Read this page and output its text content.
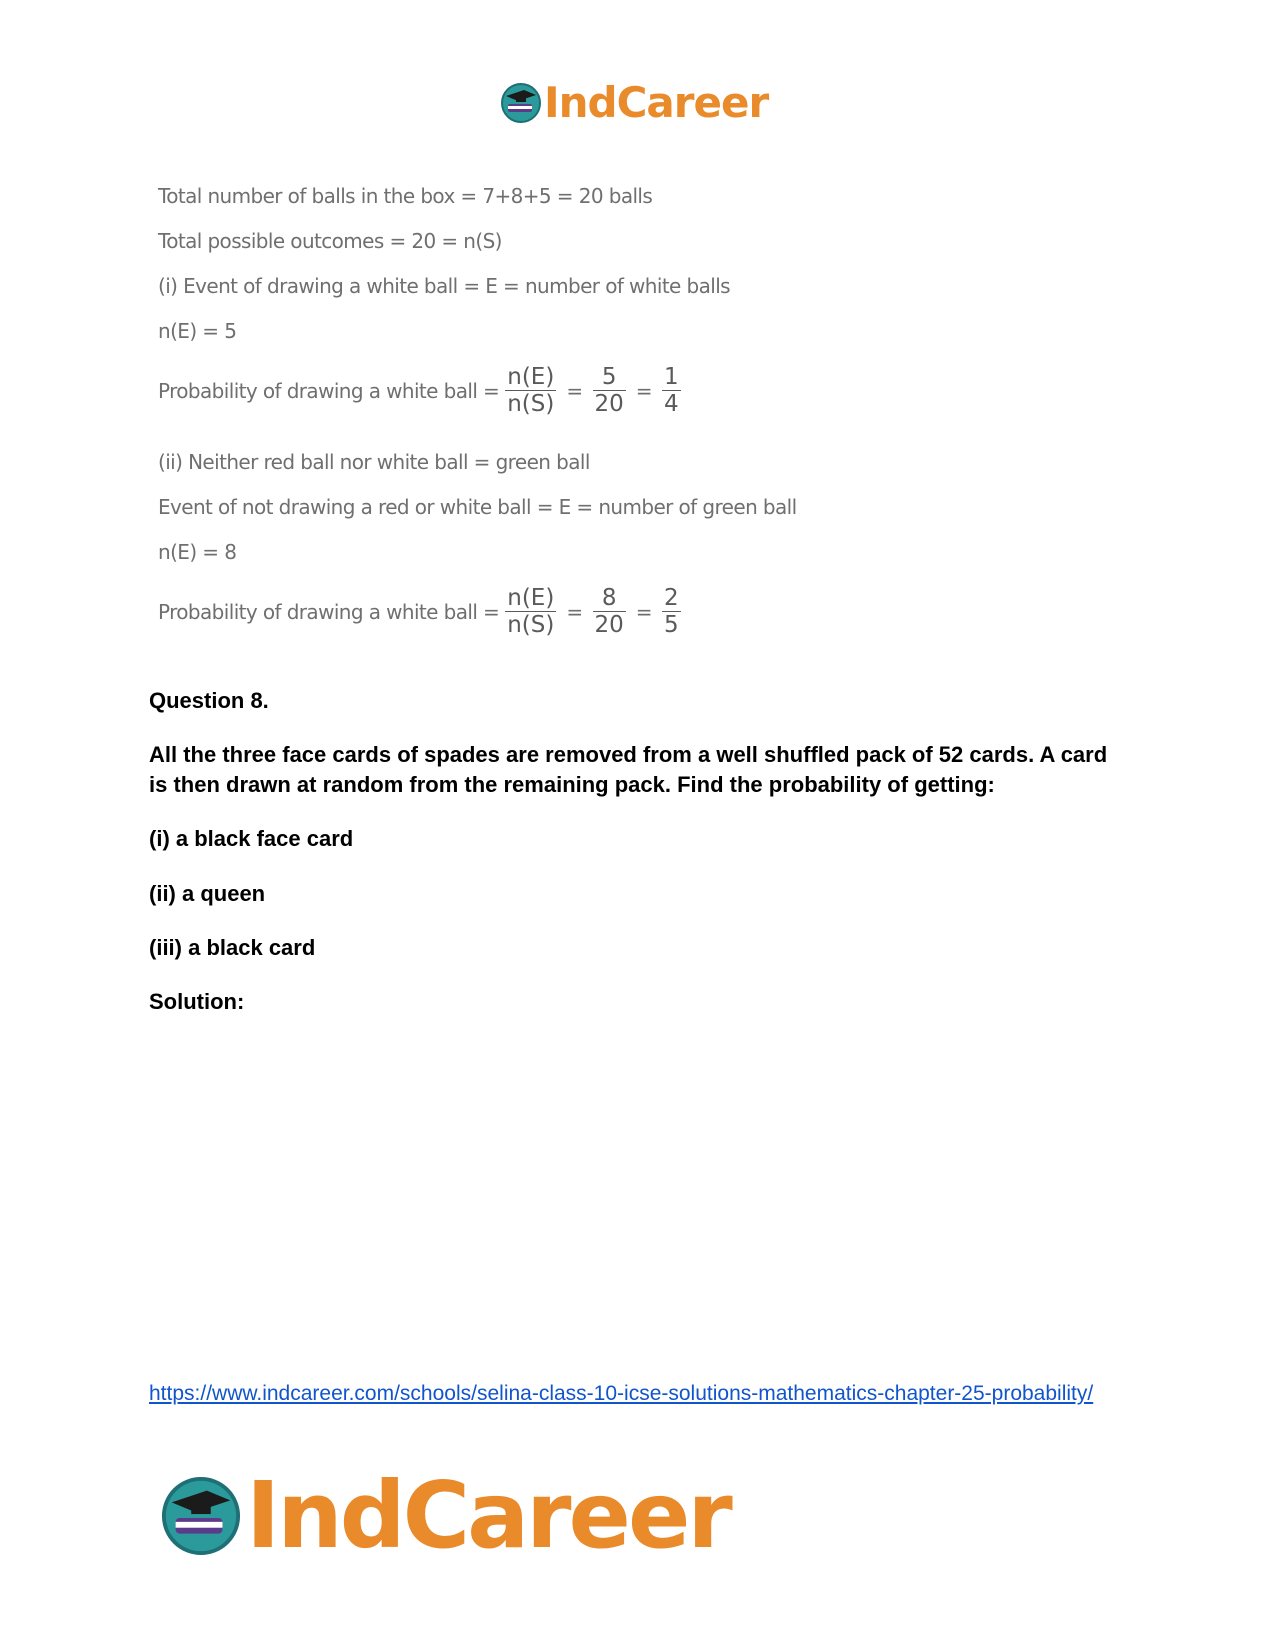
IndCareer
Total number of balls in the box = 7+8+5 = 20 balls
Total possible outcomes = 20 = n(S)
(i) Event of drawing a white ball = E = number of white balls
n(E) = 5
Probability of drawing a white ball = $\frac{n(E)}{n(S)} = \frac{5}{20} = \frac{1}{4}$
(ii) Neither red ball nor white ball = green ball
Event of not drawing a red or white ball = E = number of green ball
n(E) = 8
Probability of drawing a white ball = $\frac{n(E)}{n(S)} = \frac{8}{20} = \frac{2}{5}$
Question 8.
All the three face cards of spades are removed from a well shuffled pack of 52 cards. A card is then drawn at random from the remaining pack. Find the probability of getting:
(i) a black face card
(ii) a queen
(iii) a black card
Solution:
https://www.indcareer.com/schools/selina-class-10-icse-solutions-mathematics-chapter-25-probability/
IndCareer
